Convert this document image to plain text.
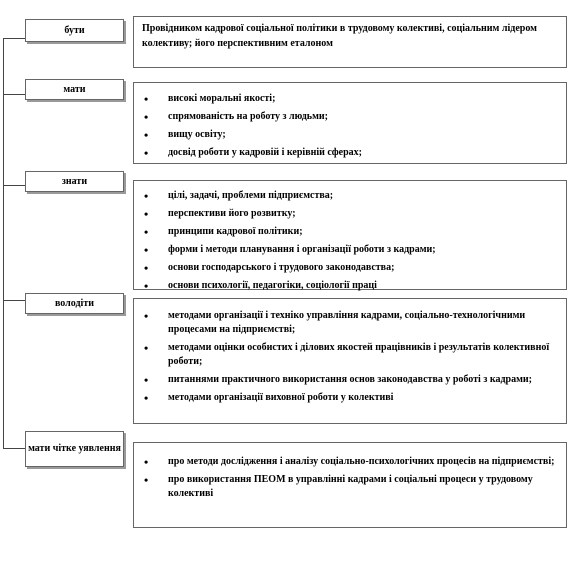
бути	Провідником кадрової соціальної політики в трудовому колективі, соціальним лідером колективу; його перспективним еталоном
мати
• високі моральні якості;
• спрямованість на роботу з людьми;
• вищу освіту;
• досвід роботи у кадровій і керівній сферах;
знати
• цілі, задачі, проблеми підприємства;
• перспективи його розвитку;
• принципи кадрової політики;
• форми і методи планування і організації роботи з кадрами;
• основи господарського і трудового законодавства;
• основи психології, педагогіки, соціології праці
володіти
• методами організації і техніко управління кадрами, соціально-технологічними процесами на підприємстві;
• методами оцінки особистих і ділових якостей працівників і результатів колективної роботи;
• питаннями практичного використання основ законодавства у роботі з кадрами;
• методами організації виховної роботи у колективі
мати чітке уявлення
• про методи дослідження і аналізу соціально-психологічних процесів на підприємстві;
• про використання ПЕОМ в управлінні кадрами і соціальні процеси у трудовому колективі
